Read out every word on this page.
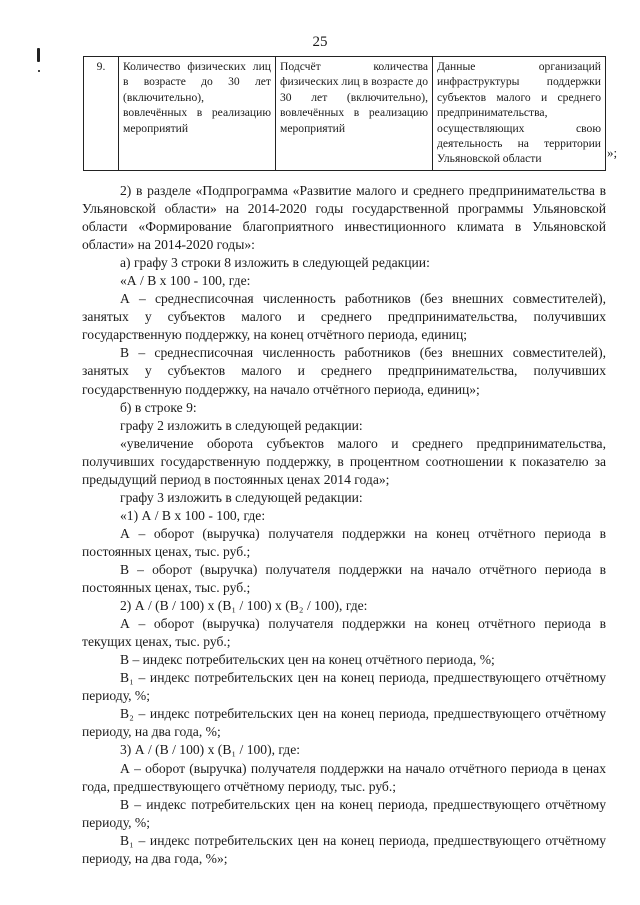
25
9.	Количество физических лиц в возрасте до 30 лет (включительно), вовлечённых в реализацию мероприятий	Подсчёт количества физических лиц в возрасте до 30 лет (включительно), вовлечённых в реализацию мероприятий	Данные организаций инфраструктуры поддержки субъектов малого и среднего предпринимательства, осуществляющих свою деятельность на территории Ульяновской области	»;

2) в разделе «Подпрограмма «Развитие малого и среднего предпринимательства в Ульяновской области» на 2014-2020 годы государственной программы Ульяновской области «Формирование благоприятного инвестиционного климата в Ульяновской области» на 2014-2020 годы»:

а) графу 3 строки 8 изложить в следующей редакции:

«А / В х 100 - 100, где:

А – среднесписочная численность работников (без внешних совместителей), занятых у субъектов малого и среднего предпринимательства, получивших государственную поддержку, на конец отчётного периода, единиц;

В – среднесписочная численность работников (без внешних совместителей), занятых у субъектов малого и среднего предпринимательства, получивших государственную поддержку, на начало отчётного периода, единиц»;

б) в строке 9:

графу 2 изложить в следующей редакции:

«увеличение оборота субъектов малого и среднего предпринимательства, получивших государственную поддержку, в процентном соотношении к показателю за предыдущий период в постоянных ценах 2014 года»;

графу 3 изложить в следующей редакции:

«1) А / В х 100 - 100, где:

А – оборот (выручка) получателя поддержки на конец отчётного периода в постоянных ценах, тыс. руб.;

В – оборот (выручка) получателя поддержки на начало отчётного периода в постоянных ценах, тыс. руб.;

2) А / (В / 100) х (В₁ / 100) х (В₂ / 100), где:

А – оборот (выручка) получателя поддержки на конец отчётного периода в текущих ценах, тыс. руб.;

В – индекс потребительских цен на конец отчётного периода, %;

В₁ – индекс потребительских цен на конец периода, предшествующего отчётному периоду, %;

В₂ – индекс потребительских цен на конец периода, предшествующего отчётному периоду, на два года, %;

3) А / (В / 100) х (В₁ / 100), где:

А – оборот (выручка) получателя поддержки на начало отчётного периода в ценах года, предшествующего отчётному периоду, тыс. руб.;

В – индекс потребительских цен на конец периода, предшествующего отчётному периоду, %;

В₁ – индекс потребительских цен на конец периода, предшествующего отчётному периоду, на два года, %»;
